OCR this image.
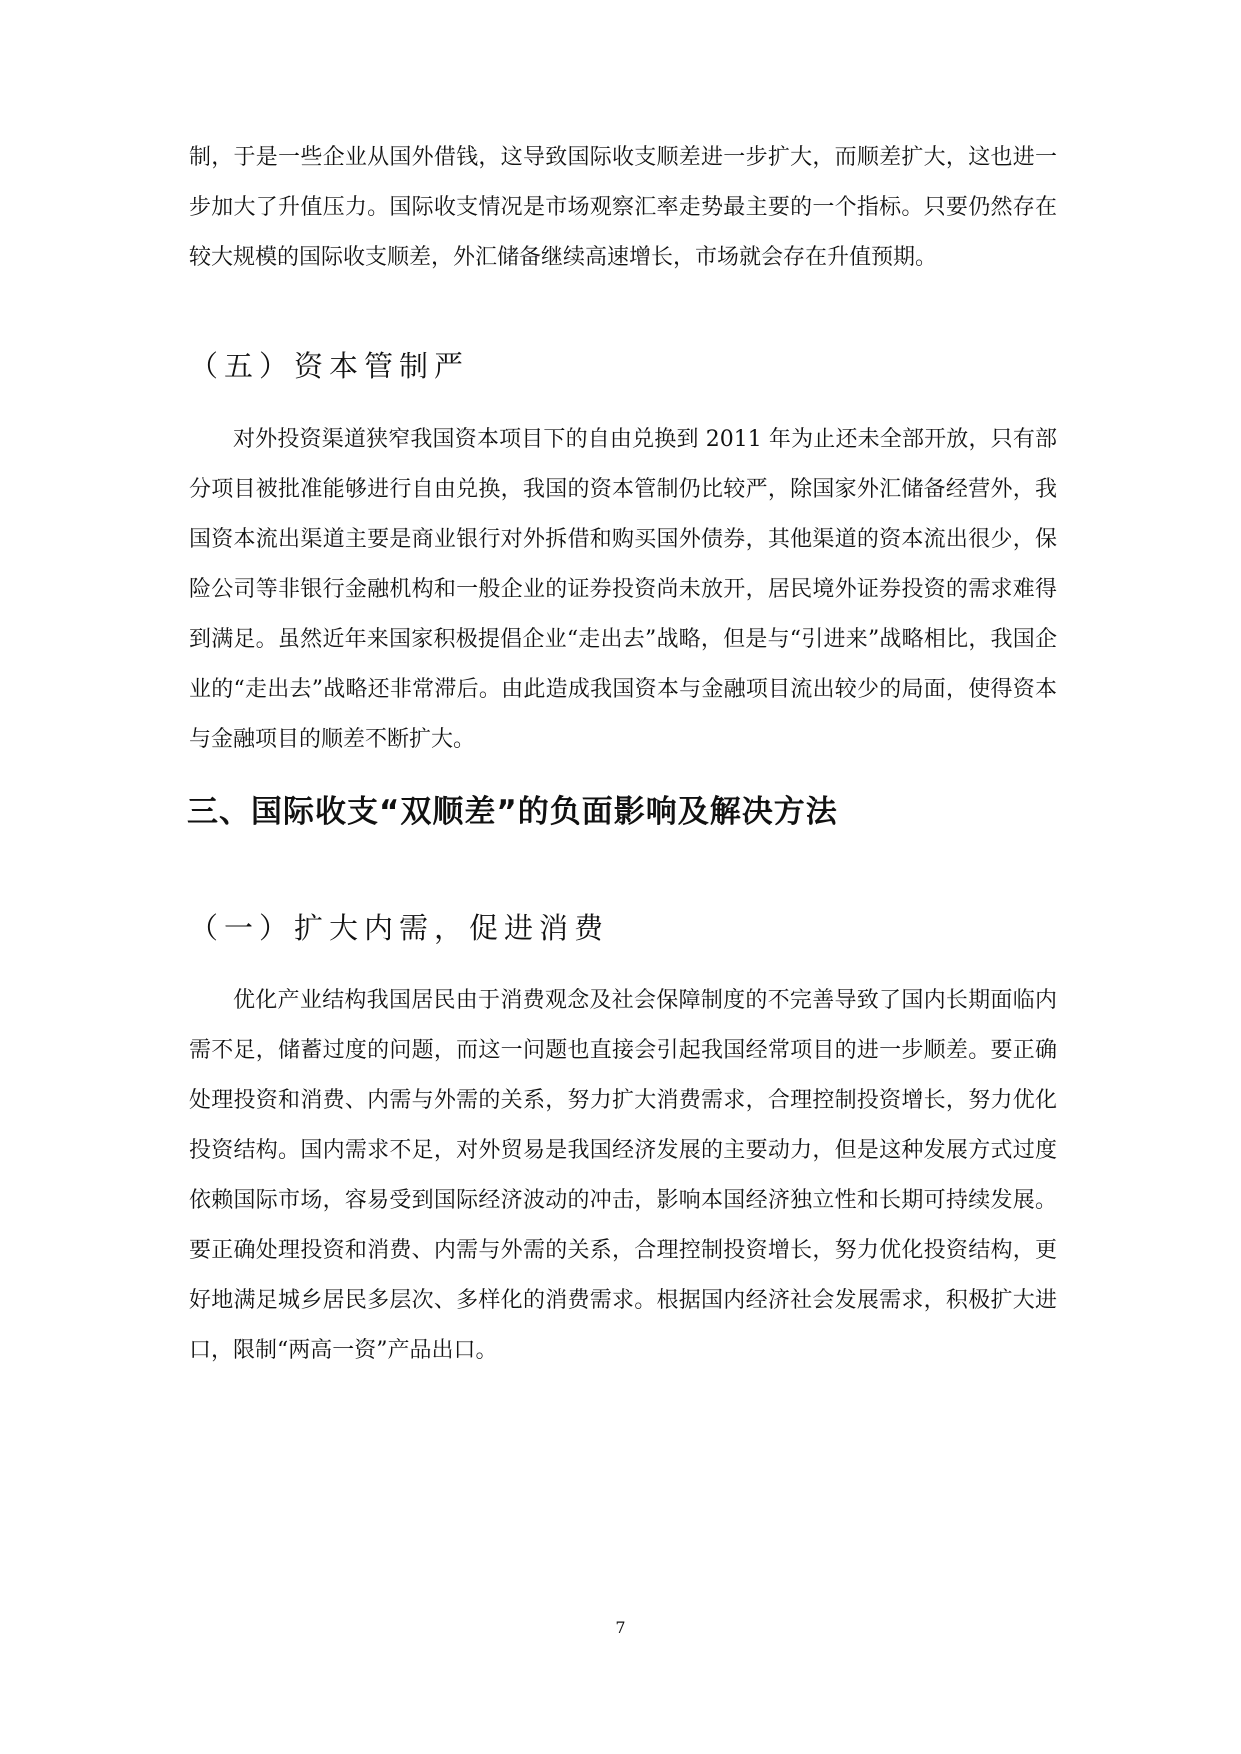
制，于是一些企业从国外借钱，这导致国际收支顺差进一步扩大，而顺差扩大，这也进一步加大了升值压力。国际收支情况是市场观察汇率走势最主要的一个指标。只要仍然存在较大规模的国际收支顺差，外汇储备继续高速增长，市场就会存在升值预期。

（五）资本管制严

对外投资渠道狭窄我国资本项目下的自由兑换到 2011 年为止还未全部开放，只有部分项目被批准能够进行自由兑换，我国的资本管制仍比较严，除国家外汇储备经营外，我国资本流出渠道主要是商业银行对外拆借和购买国外债券，其他渠道的资本流出很少，保险公司等非银行金融机构和一般企业的证券投资尚未放开，居民境外证券投资的需求难得到满足。虽然近年来国家积极提倡企业“走出去”战略，但是与“引进来”战略相比，我国企业的“走出去”战略还非常滞后。由此造成我国资本与金融项目流出较少的局面，使得资本与金融项目的顺差不断扩大。

三、国际收支“双顺差”的负面影响及解决方法
（一）扩大内需，促进消费

优化产业结构我国居民由于消费观念及社会保障制度的不完善导致了国内长期面临内需不足，储蓄过度的问题，而这一问题也直接会引起我国经常项目的进一步顺差。要正确处理投资和消费、内需与外需的关系，努力扩大消费需求，合理控制投资增长，努力优化投资结构。国内需求不足，对外贸易是我国经济发展的主要动力，但是这种发展方式过度依赖国际市场，容易受到国际经济波动的冲击，影响本国经济独立性和长期可持续发展。要正确处理投资和消费、内需与外需的关系，合理控制投资增长，努力优化投资结构，更好地满足城乡居民多层次、多样化的消费需求。根据国内经济社会发展需求，积极扩大进口，限制“两高一资”产品出口。

7
